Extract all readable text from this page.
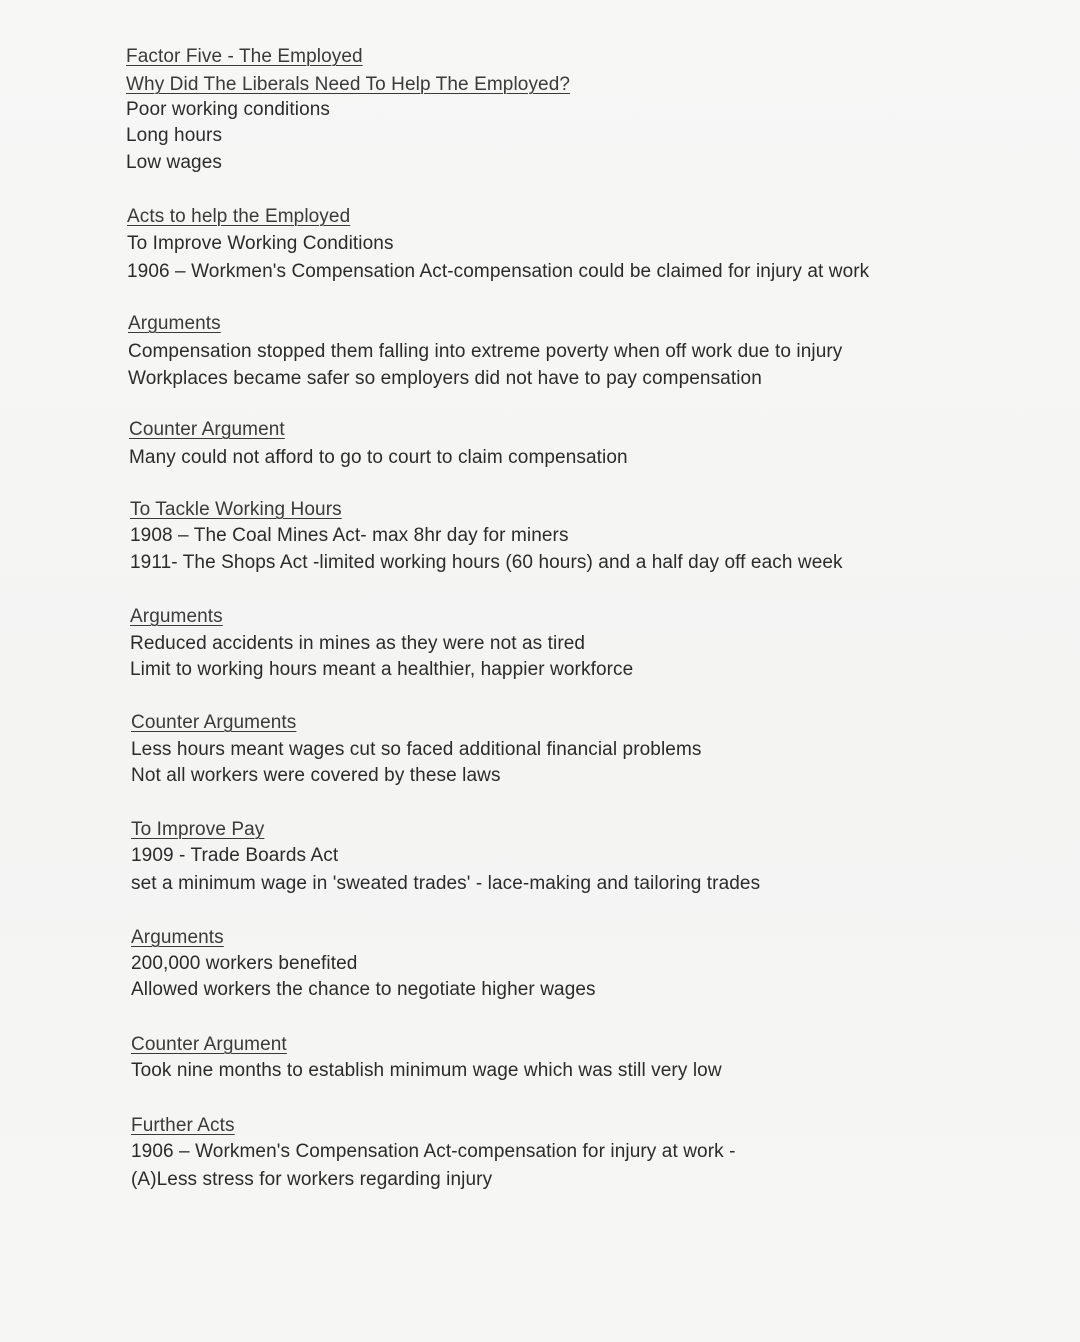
Factor Five - The Employed
Why Did The Liberals Need To Help The Employed?
Poor working conditions
Long hours
Low wages
Acts to help the Employed
To Improve Working Conditions
1906 – Workmen's Compensation Act-compensation could be claimed for injury at work
Arguments
Compensation stopped them falling into extreme poverty when off work due to injury
Workplaces became safer so employers did not have to pay compensation
Counter Argument
Many could not afford to go to court to claim compensation
To Tackle Working Hours
1908 – The Coal Mines Act- max 8hr day for miners
1911- The Shops Act -limited working hours (60 hours) and a half day off each week
Arguments
Reduced accidents in mines as they were not as tired
Limit to working hours meant a healthier, happier workforce
Counter Arguments
Less hours meant wages cut so faced additional financial problems
Not all workers were covered by these laws
To Improve Pay
1909 - Trade Boards Act
set a minimum wage in 'sweated trades' - lace-making and tailoring trades
Arguments
200,000 workers benefited
Allowed workers the chance to negotiate higher wages
Counter Argument
Took nine months to establish minimum wage which was still very low
Further Acts
1906 – Workmen's Compensation Act-compensation for injury at work -
(A)Less stress for workers regarding injury
